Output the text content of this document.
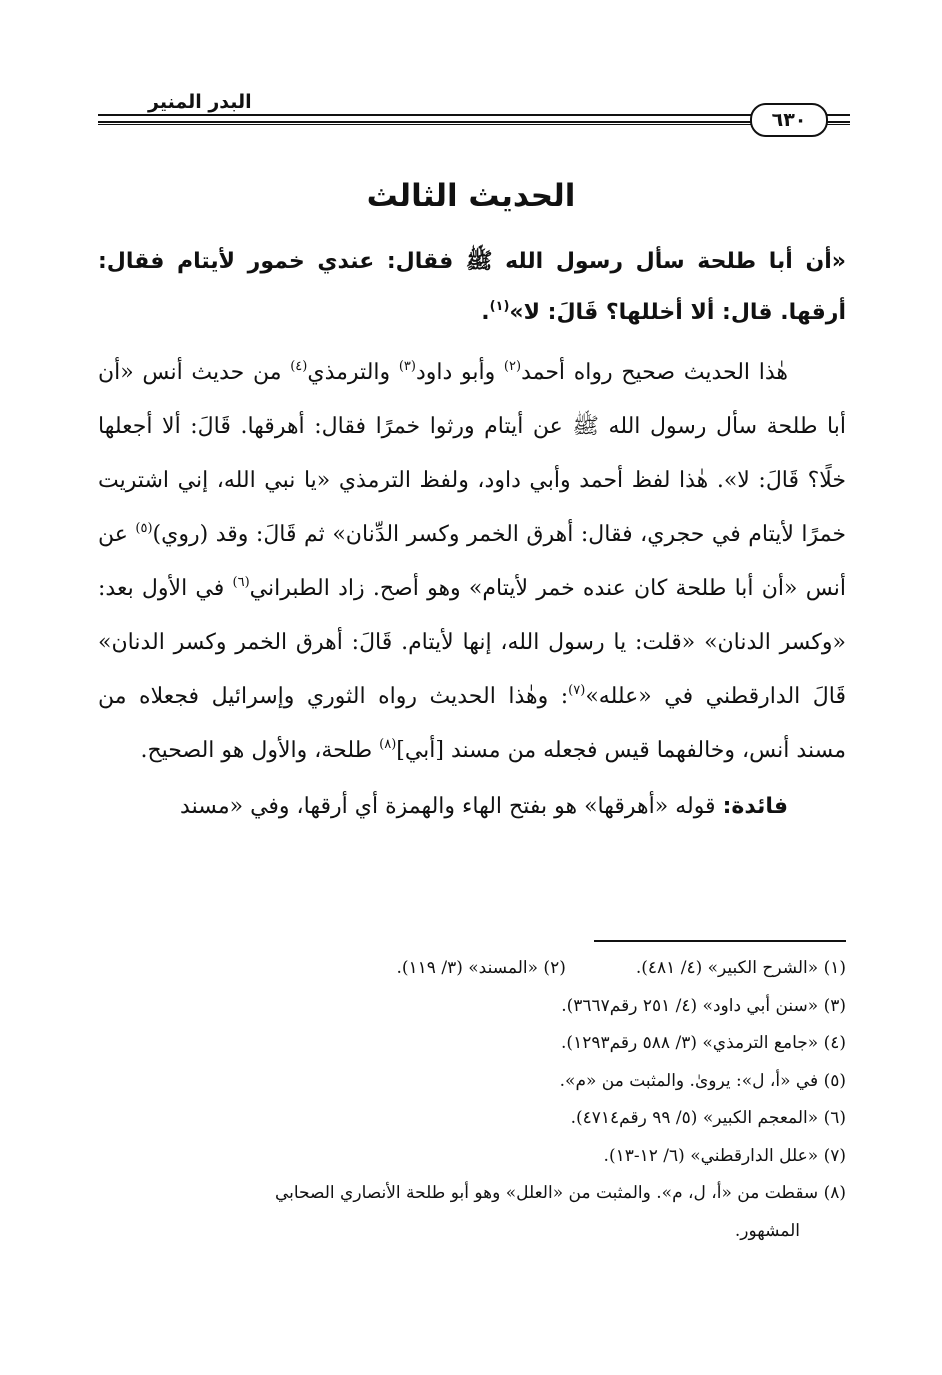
البدر المنير
٦٣٠
الحديث الثالث

«أن أبا طلحة سأل رسول الله ﷺ فقال: عندي خمور لأيتام فقال: أرقها. قال: ألا أخللها؟ قَالَ: لا»$^{(١)}$.

هٰذا الحديث صحيح رواه أحمد$^{(٢)}$ وأبو داود$^{(٣)}$ والترمذي$^{(٤)}$ من حديث أنس «أن أبا طلحة سأل رسول الله ﷺ عن أيتام ورثوا خمرًا فقال: أهرقها. قَالَ: ألا أجعلها خلًا؟ قَالَ: لا». هٰذا لفظ أحمد وأبي داود، ولفظ الترمذي «يا نبي الله، إني اشتريت خمرًا لأيتام في حجري، فقال: أهرق الخمر وكسر الدِّنان» ثم قَالَ: وقد (روي)$^{(٥)}$ عن أنس «أن أبا طلحة كان عنده خمر لأيتام» وهو أصح. زاد الطبراني$^{(٦)}$ في الأول بعد: «وكسر الدنان» «قلت: يا رسول الله، إنها لأيتام. قَالَ: أهرق الخمر وكسر الدنان» قَالَ الدارقطني في «علله»$^{(٧)}$: وهٰذا الحديث رواه الثوري وإسرائيل فجعلاه من مسند أنس، وخالفهما قيس فجعله من مسند [أبي]$^{(٨)}$ طلحة، والأول هو الصحيح.

فائدة: قوله «أهرقها» هو بفتح الهاء والهمزة أي أرقها، وفي «مسند

(١) «الشرح الكبير» (٤/ ٤٨١).(٢) «المسند» (٣/ ١١٩).
(٣) «سنن أبي داود» (٤/ ٢٥١ رقم٣٦٦٧).
(٤) «جامع الترمذي» (٣/ ٥٨٨ رقم١٢٩٣).
(٥) في «أ، ل»: يروىٰ. والمثبت من «م».
(٦) «المعجم الكبير» (٥/ ٩٩ رقم٤٧١٤).
(٧) «علل الدارقطني» (٦/ ١٢-١٣).
(٨) سقطت من «أ، ل، م». والمثبت من «العلل» وهو أبو طلحة الأنصاري الصحابي
المشهور.
